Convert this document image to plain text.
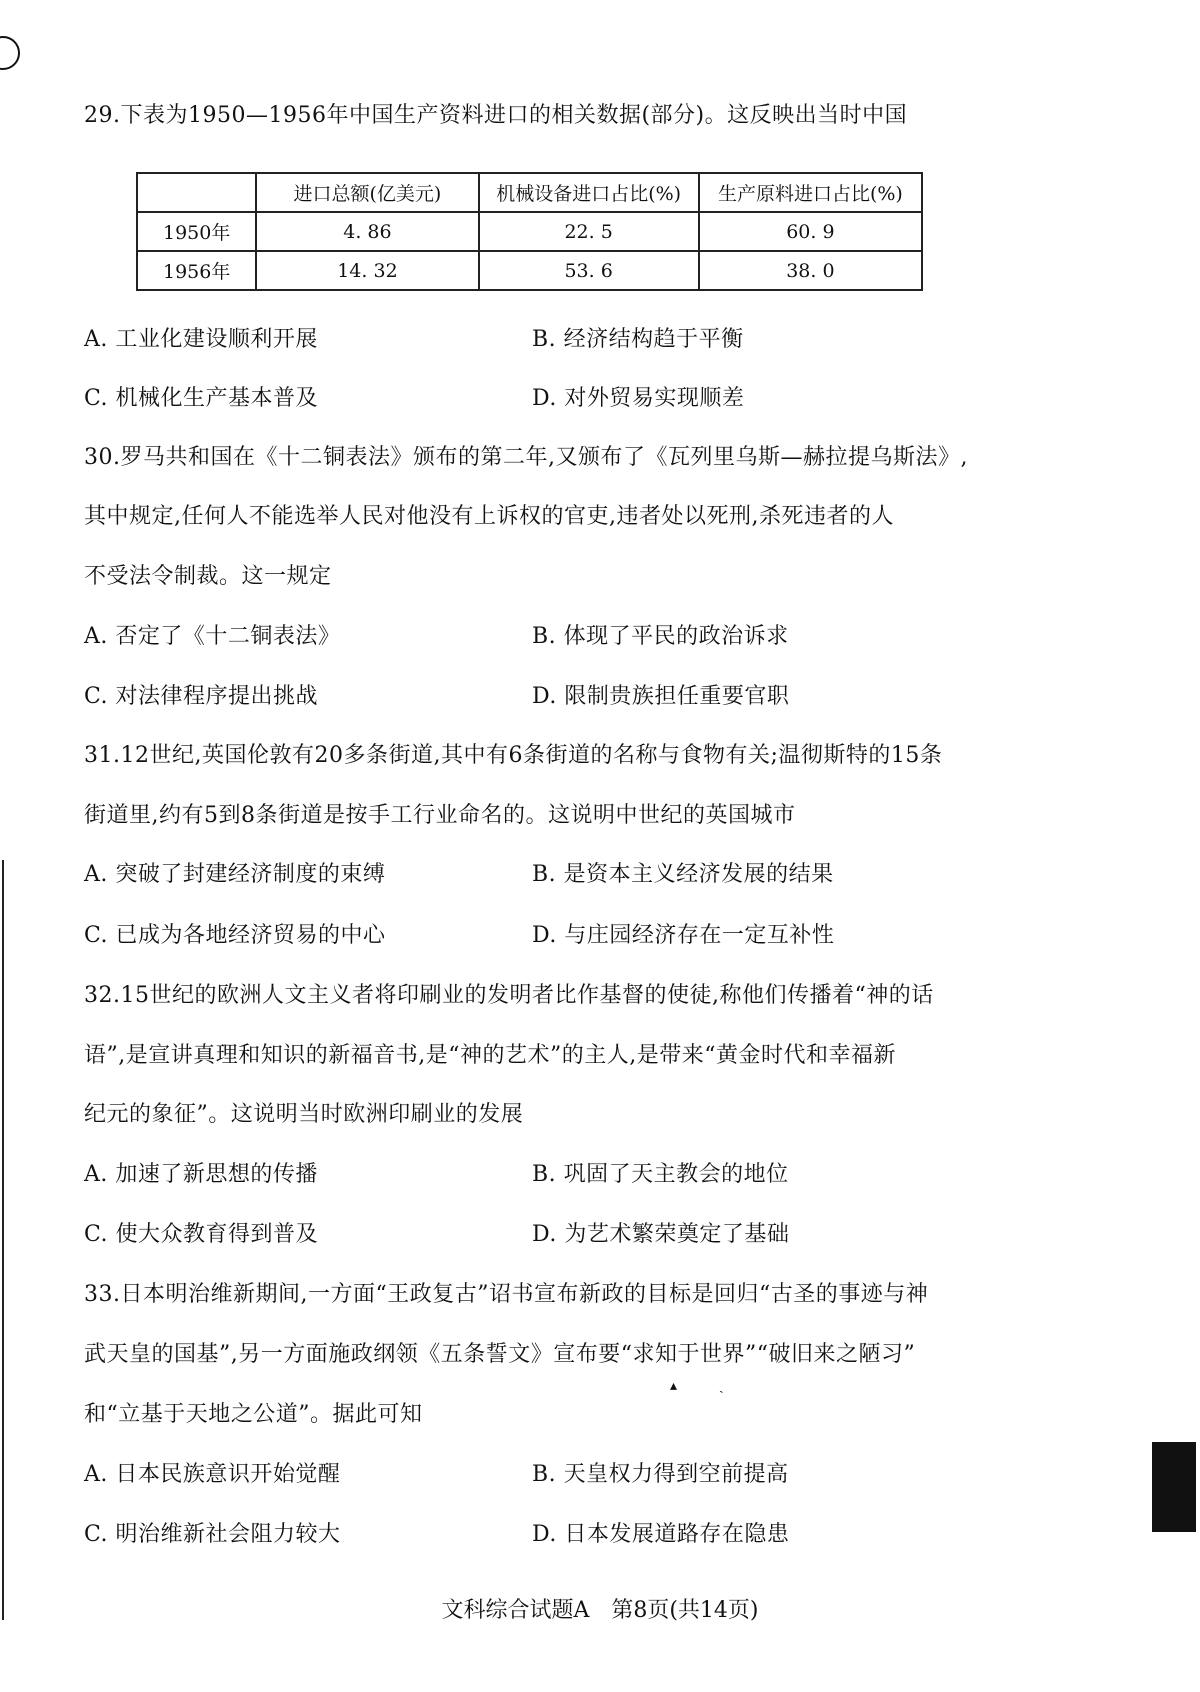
29.下表为1950—1956年中国生产资料进口的相关数据(部分)。这反映出当时中国
	进口总额(亿美元)	机械设备进口占比(%)	生产原料进口占比(%)
1950年	4. 86	22. 5	60. 9
1956年	14. 32	53. 6	38. 0
A. 工业化建设顺利开展	B. 经济结构趋于平衡
C. 机械化生产基本普及	D. 对外贸易实现顺差
30.罗马共和国在《十二铜表法》颁布的第二年,又颁布了《瓦列里乌斯—赫拉提乌斯法》,
其中规定,任何人不能选举人民对他没有上诉权的官吏,违者处以死刑,杀死违者的人
不受法令制裁。这一规定
A. 否定了《十二铜表法》	B. 体现了平民的政治诉求
C. 对法律程序提出挑战	D. 限制贵族担任重要官职
31.12世纪,英国伦敦有20多条街道,其中有6条街道的名称与食物有关;温彻斯特的15条
街道里,约有5到8条街道是按手工行业命名的。这说明中世纪的英国城市
A. 突破了封建经济制度的束缚	B. 是资本主义经济发展的结果
C. 已成为各地经济贸易的中心	D. 与庄园经济存在一定互补性
32.15世纪的欧洲人文主义者将印刷业的发明者比作基督的使徒,称他们传播着“神的话
语”,是宣讲真理和知识的新福音书,是“神的艺术”的主人,是带来“黄金时代和幸福新
纪元的象征”。这说明当时欧洲印刷业的发展
A. 加速了新思想的传播	B. 巩固了天主教会的地位
C. 使大众教育得到普及	D. 为艺术繁荣奠定了基础
33.日本明治维新期间,一方面“王政复古”诏书宣布新政的目标是回归“古圣的事迹与神
武天皇的国基”,另一方面施政纲领《五条誓文》宣布要“求知于世界”“破旧来之陋习”
▴   ˏ
和“立基于天地之公道”。据此可知
A. 日本民族意识开始觉醒	B. 天皇权力得到空前提高
C. 明治维新社会阻力较大	D. 日本发展道路存在隐患
文科综合试题A　第8页(共14页)
